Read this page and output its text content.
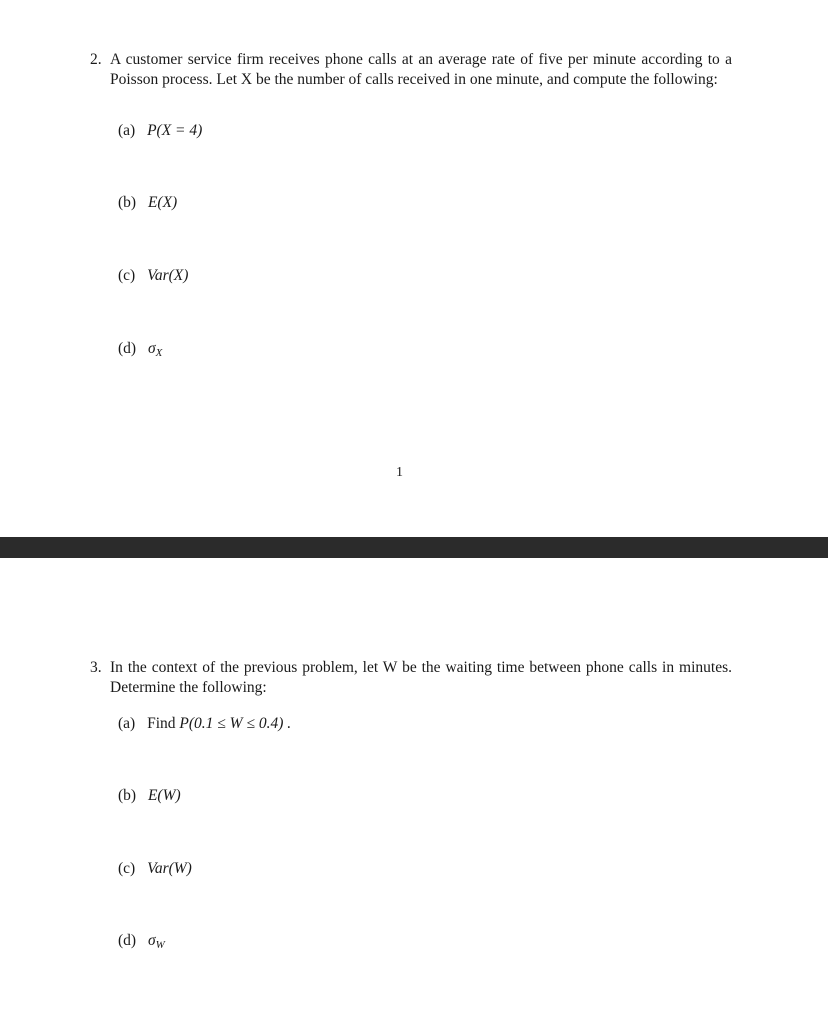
2. A customer service firm receives phone calls at an average rate of five per minute according to a Poisson process. Let X be the number of calls received in one minute, and compute the following:
(a) P(X = 4)
(b) E(X)
(c) Var(X)
(d) $\sigma_X$
1
3. In the context of the previous problem, let W be the waiting time between phone calls in minutes. Determine the following:
(a) Find P(0.1 ≤ W ≤ 0.4) .
(b) E(W)
(c) Var(W)
(d) $\sigma_W$
